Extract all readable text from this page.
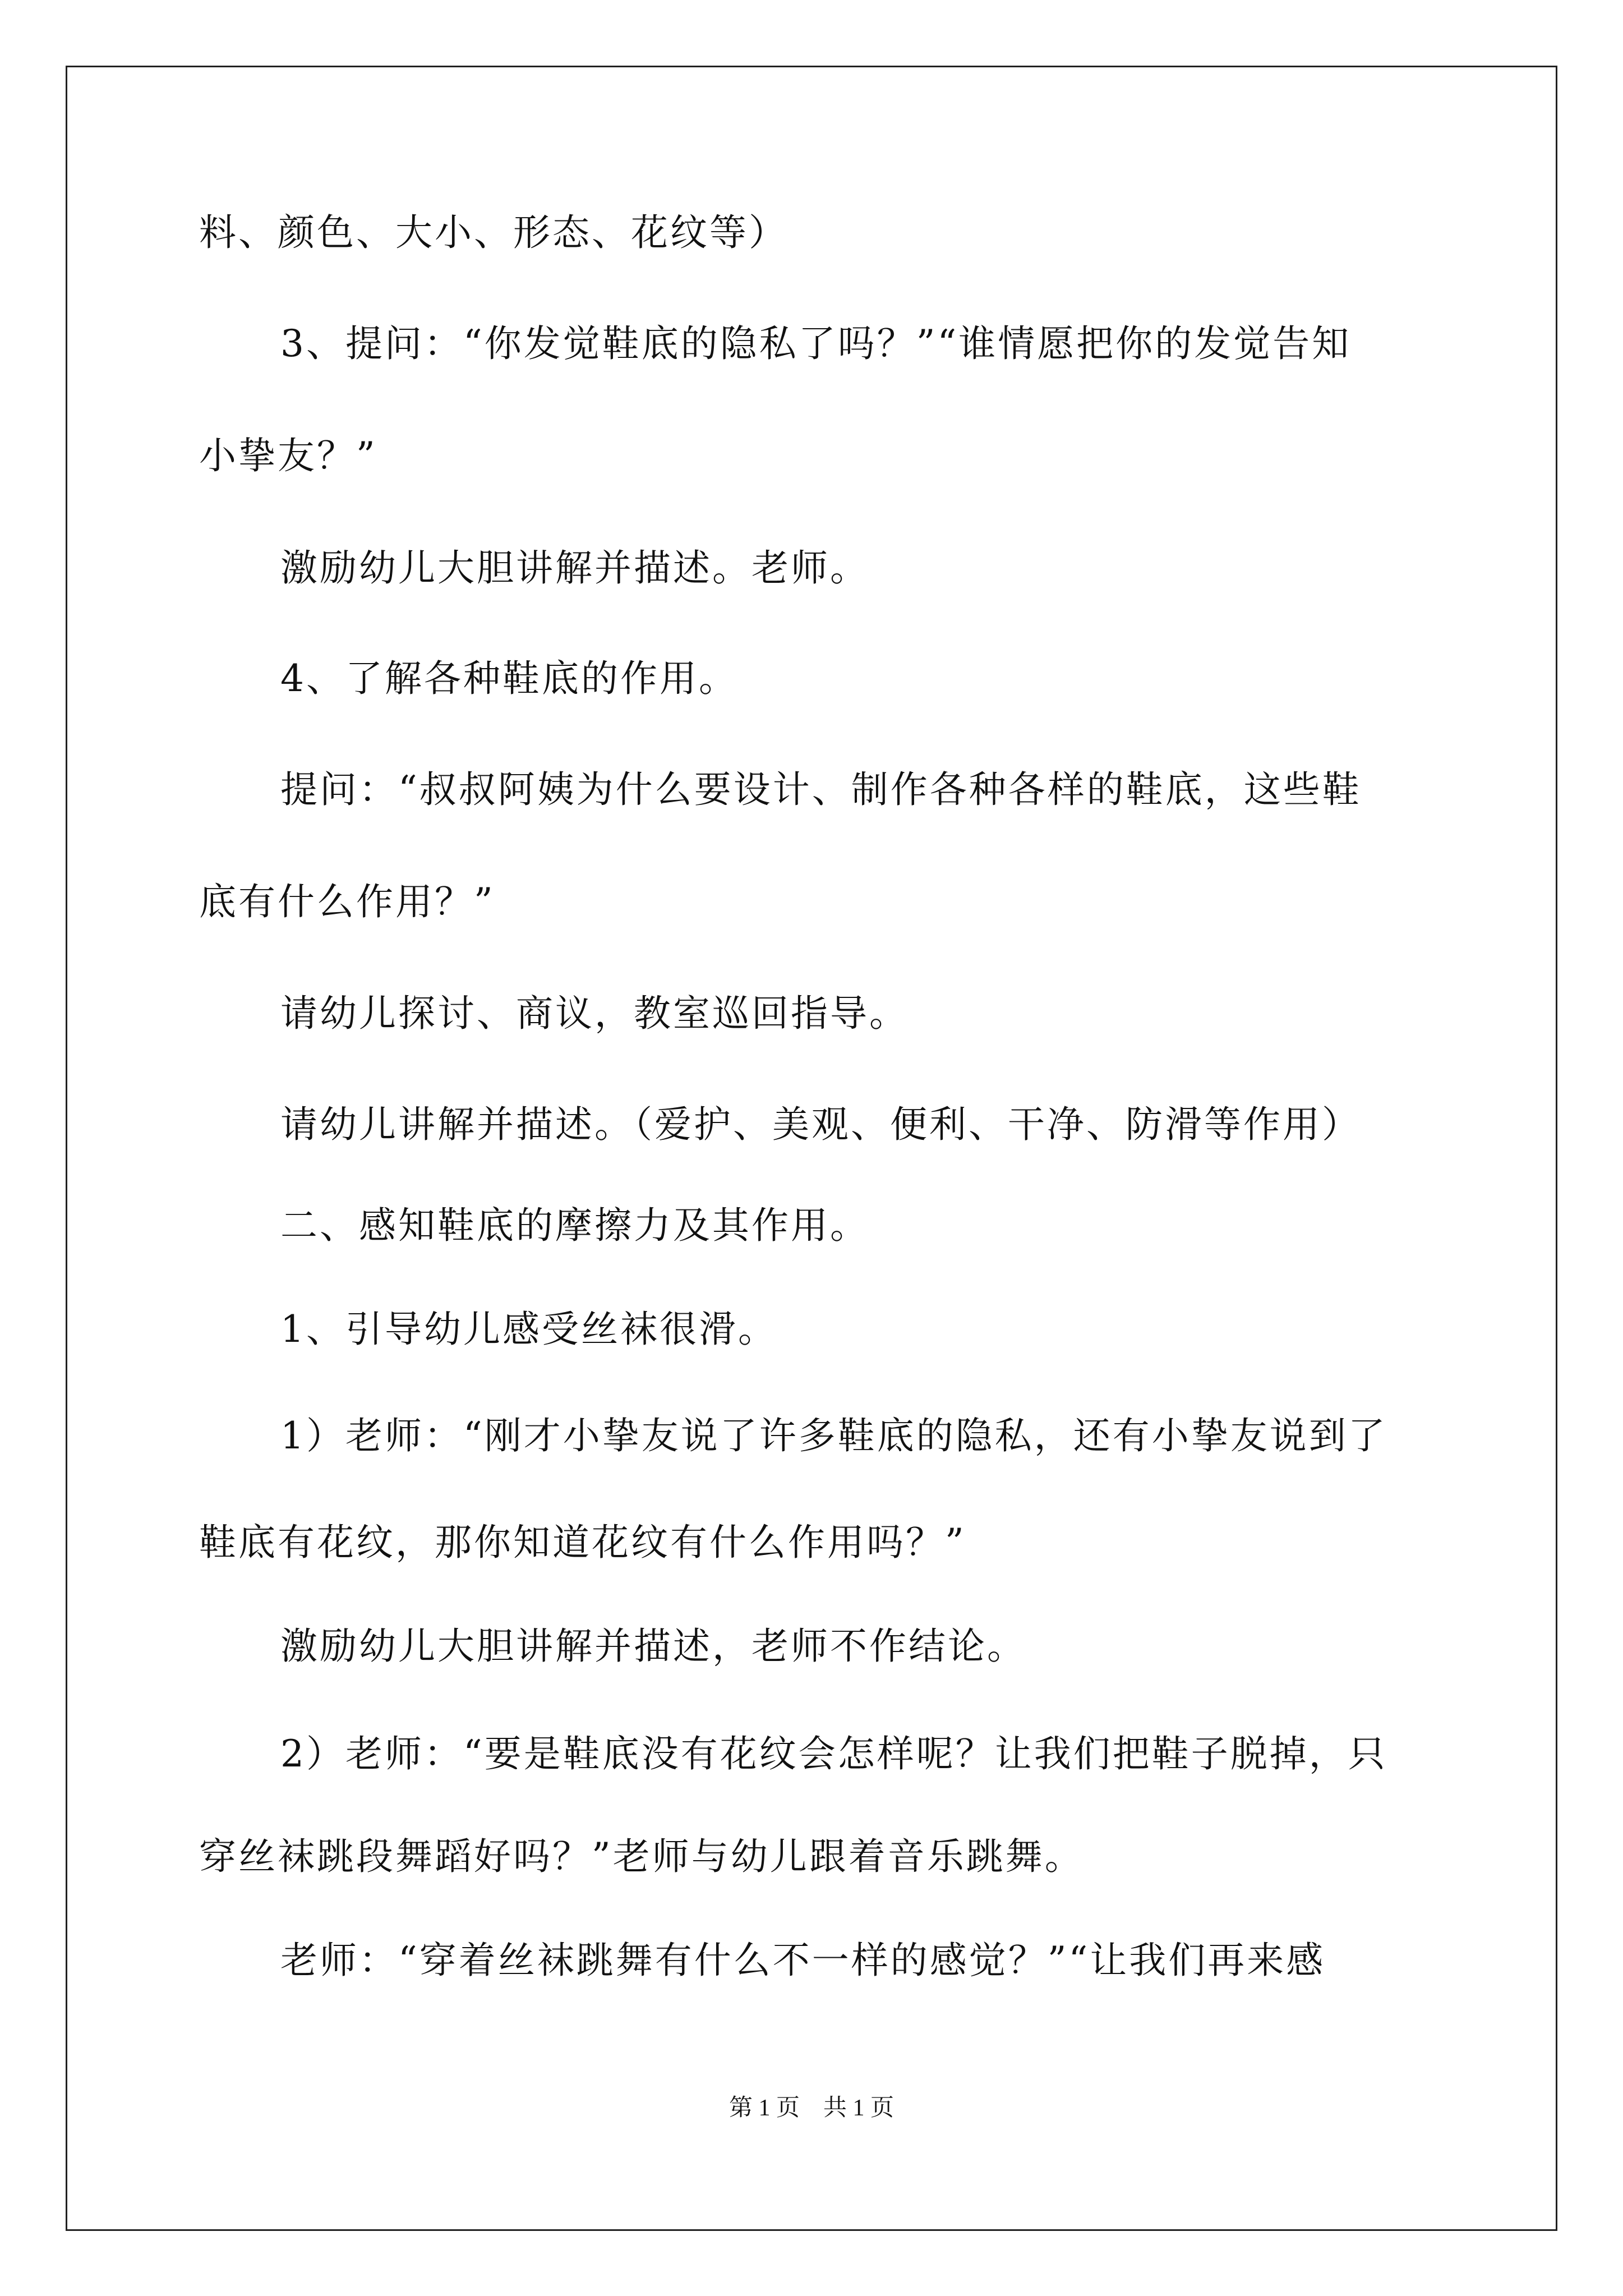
料、颜色、大小、形态、花纹等）
3、提问：“你发觉鞋底的隐私了吗？”“谁情愿把你的发觉告知
小挚友？”
激励幼儿大胆讲解并描述。老师。
4、了解各种鞋底的作用。
提问：“叔叔阿姨为什么要设计、制作各种各样的鞋底，这些鞋
底有什么作用？”
请幼儿探讨、商议，教室巡回指导。
请幼儿讲解并描述。（爱护、美观、便利、干净、防滑等作用）
二、感知鞋底的摩擦力及其作用。
1、引导幼儿感受丝袜很滑。
1）老师：“刚才小挚友说了许多鞋底的隐私，还有小挚友说到了
鞋底有花纹，那你知道花纹有什么作用吗？”
激励幼儿大胆讲解并描述，老师不作结论。
2）老师：“要是鞋底没有花纹会怎样呢？让我们把鞋子脱掉，只
穿丝袜跳段舞蹈好吗？”老师与幼儿跟着音乐跳舞。
老师：“穿着丝袜跳舞有什么不一样的感觉？”“让我们再来感
第 1 页    共 1 页
